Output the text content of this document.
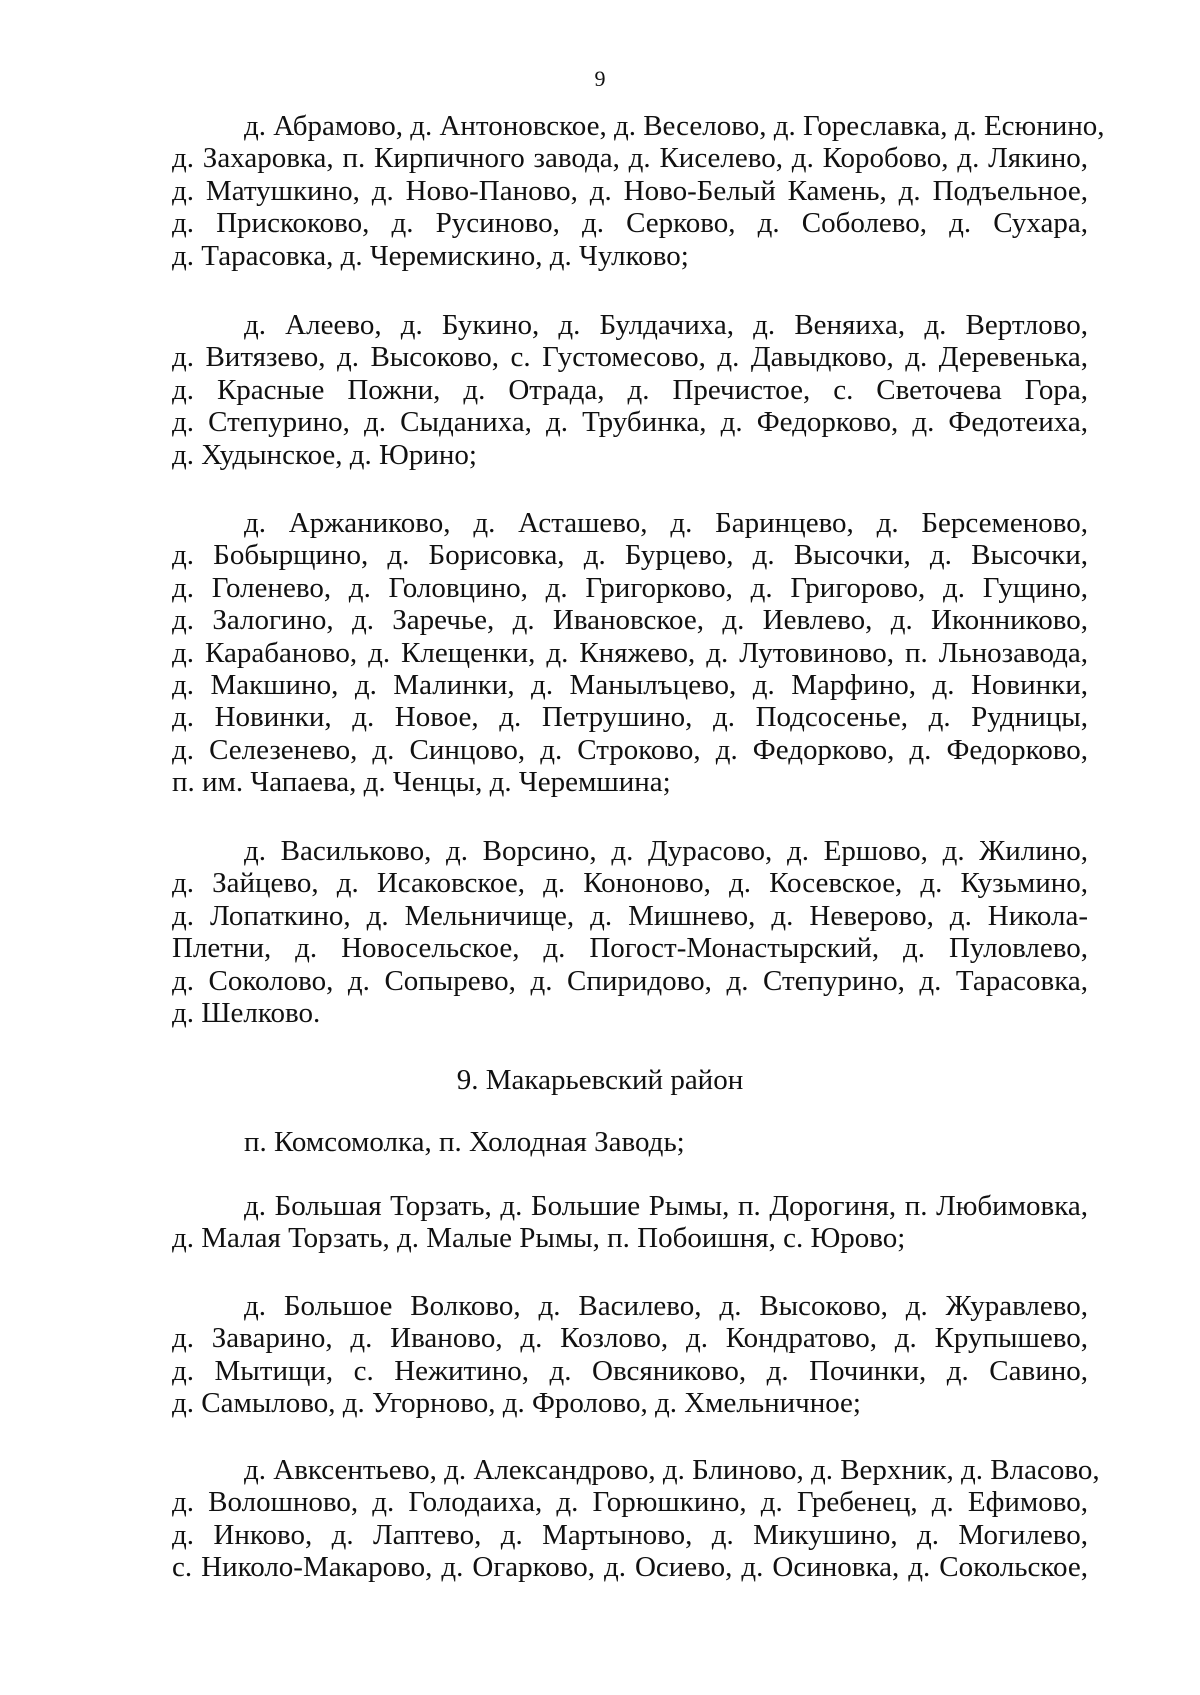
9
д. Абрамово, д. Антоновское, д. Веселово, д. Гореславка, д. Есюнино,
д. Захаровка, п. Кирпичного завода, д. Киселево, д. Коробово, д. Лякино,
д. Матушкино, д. Ново-Паново, д. Ново-Белый Камень, д. Подъельное,
д. Прискоково, д. Русиново, д. Серково, д. Соболево, д. Сухара,
д. Тарасовка, д. Черемискино, д. Чулково;
д. Алеево, д. Букино, д. Булдачиха, д. Веняиха, д. Вертлово,
д. Витязево, д. Высоково, с. Густомесово, д. Давыдково, д. Деревенька,
д. Красные Пожни, д. Отрада, д. Пречистое, с. Светочева Гора,
д. Степурино, д. Сыданиха, д. Трубинка, д. Федорково, д. Федотеиха,
д. Худынское, д. Юрино;
д. Аржаниково, д. Асташево, д. Баринцево, д. Берсеменово,
д. Бобырщино, д. Борисовка, д. Бурцево, д. Высочки, д. Высочки,
д. Голенево, д. Головцино, д. Григорково, д. Григорово, д. Гущино,
д. Залогино, д. Заречье, д. Ивановское, д. Иевлево, д. Иконниково,
д. Карабаново, д. Клещенки, д. Княжево, д. Лутовиново, п. Льнозавода,
д. Макшино, д. Малинки, д. Манылъцево, д. Марфино, д. Новинки,
д. Новинки, д. Новое, д. Петрушино, д. Подсосенье, д. Рудницы,
д. Селезенево, д. Синцово, д. Строково, д. Федорково, д. Федорково,
п. им. Чапаева, д. Ченцы, д. Черемшина;
д. Васильково, д. Ворсино, д. Дурасово, д. Ершово, д. Жилино,
д. Зайцево, д. Исаковское, д. Кононово, д. Косевское, д. Кузьмино,
д. Лопаткино, д. Мельничище, д. Мишнево, д. Неверово, д. Никола-
Плетни, д. Новосельское, д. Погост-Монастырский, д. Пуловлево,
д. Соколово, д. Сопырево, д. Спиридово, д. Степурино, д. Тарасовка,
д. Шелково.
9. Макарьевский район
п. Комсомолка, п. Холодная Заводь;
д. Большая Торзать, д. Большие Рымы, п. Дорогиня, п. Любимовка,
д. Малая Торзать, д. Малые Рымы, п. Побоишня, с. Юрово;
д. Большое Волково, д. Василево, д. Высоково, д. Журавлево,
д. Заварино, д. Иваново, д. Козлово, д. Кондратово, д. Крупышево,
д. Мытищи, с. Нежитино, д. Овсяниково, д. Починки, д. Савино,
д. Самылово, д. Угорново, д. Фролово, д. Хмельничное;
д. Авксентьево, д. Александрово, д. Блиново, д. Верхник, д. Власово,
д. Волошново, д. Голодаиха, д. Горюшкино, д. Гребенец, д. Ефимово,
д. Инково, д. Лаптево, д. Мартыново, д. Микушино, д. Могилево,
с. Николо-Макарово, д. Огарково, д. Осиево, д. Осиновка, д. Сокольское,
